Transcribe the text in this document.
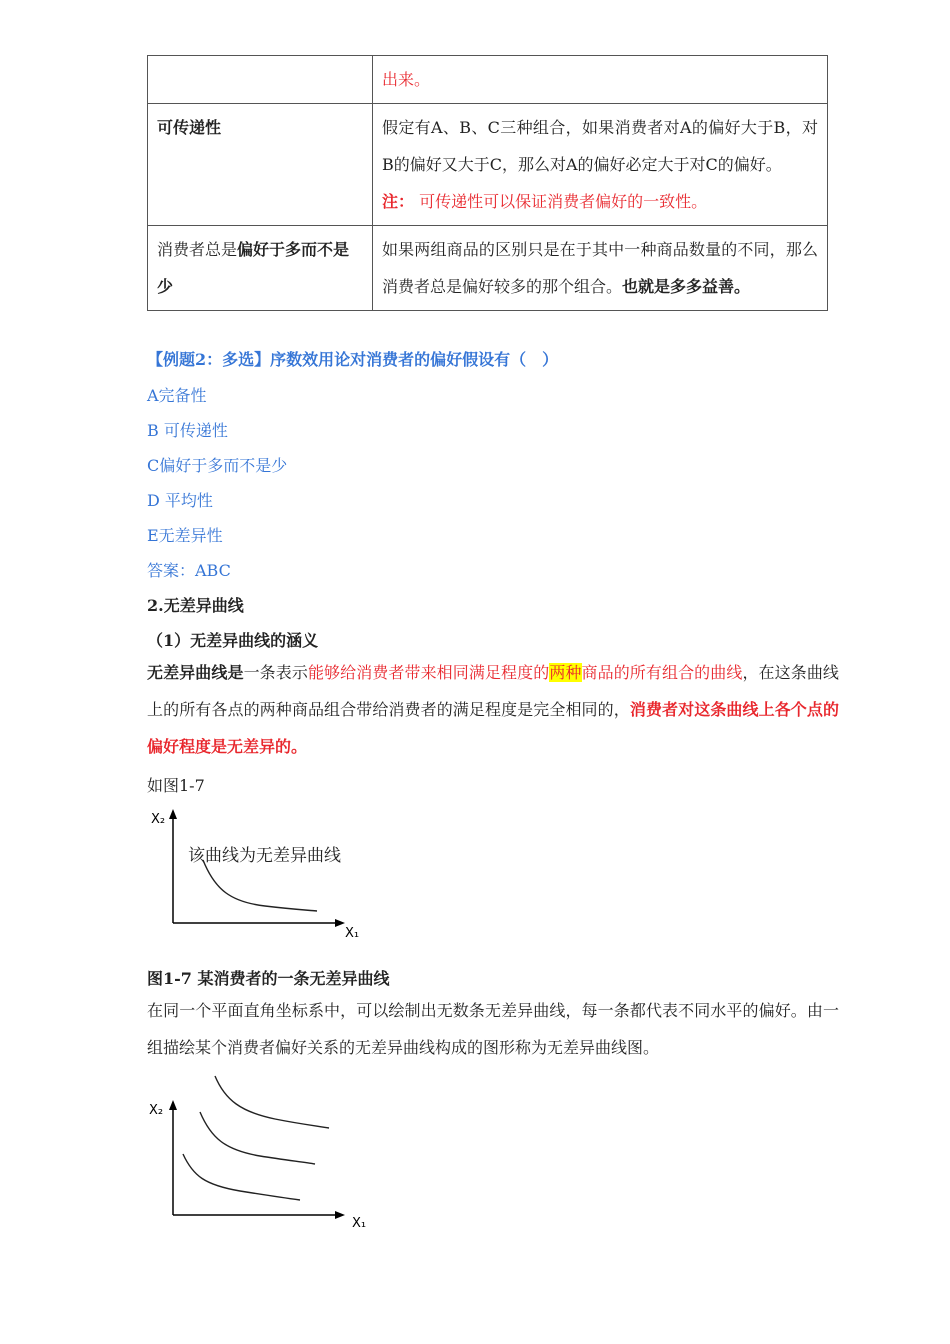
	出来。
可传递性	假定有A、B、C三种组合，如果消费者对A的偏好大于B，对B的偏好又大于C，那么对A的偏好必定大于对C的偏好。
注： 可传递性可以保证消费者偏好的一致性。

消费者总是偏好于多而不是少	如果两组商品的区别只是在于其中一种商品数量的不同，那么消费者总是偏好较多的那个组合。也就是多多益善。
【例题2：多选】序数效用论对消费者的偏好假设有（　）
A完备性
B 可传递性
C偏好于多而不是少
D 平均性
E无差异性
答案：ABC
2.无差异曲线
（1）无差异曲线的涵义
无差异曲线是一条表示能够给消费者带来相同满足程度的两种商品的所有组合的曲线，在这条曲线上的所有各点的两种商品组合带给消费者的满足程度是完全相同的，消费者对这条曲线上各个点的偏好程度是无差异的。
如图1-7
X₂
X₁
该曲线为无差异曲线
图1-7 某消费者的一条无差异曲线
在同一个平面直角坐标系中，可以绘制出无数条无差异曲线，每一条都代表不同水平的偏好。由一组描绘某个消费者偏好关系的无差异曲线构成的图形称为无差异曲线图。
X₂
X₁
